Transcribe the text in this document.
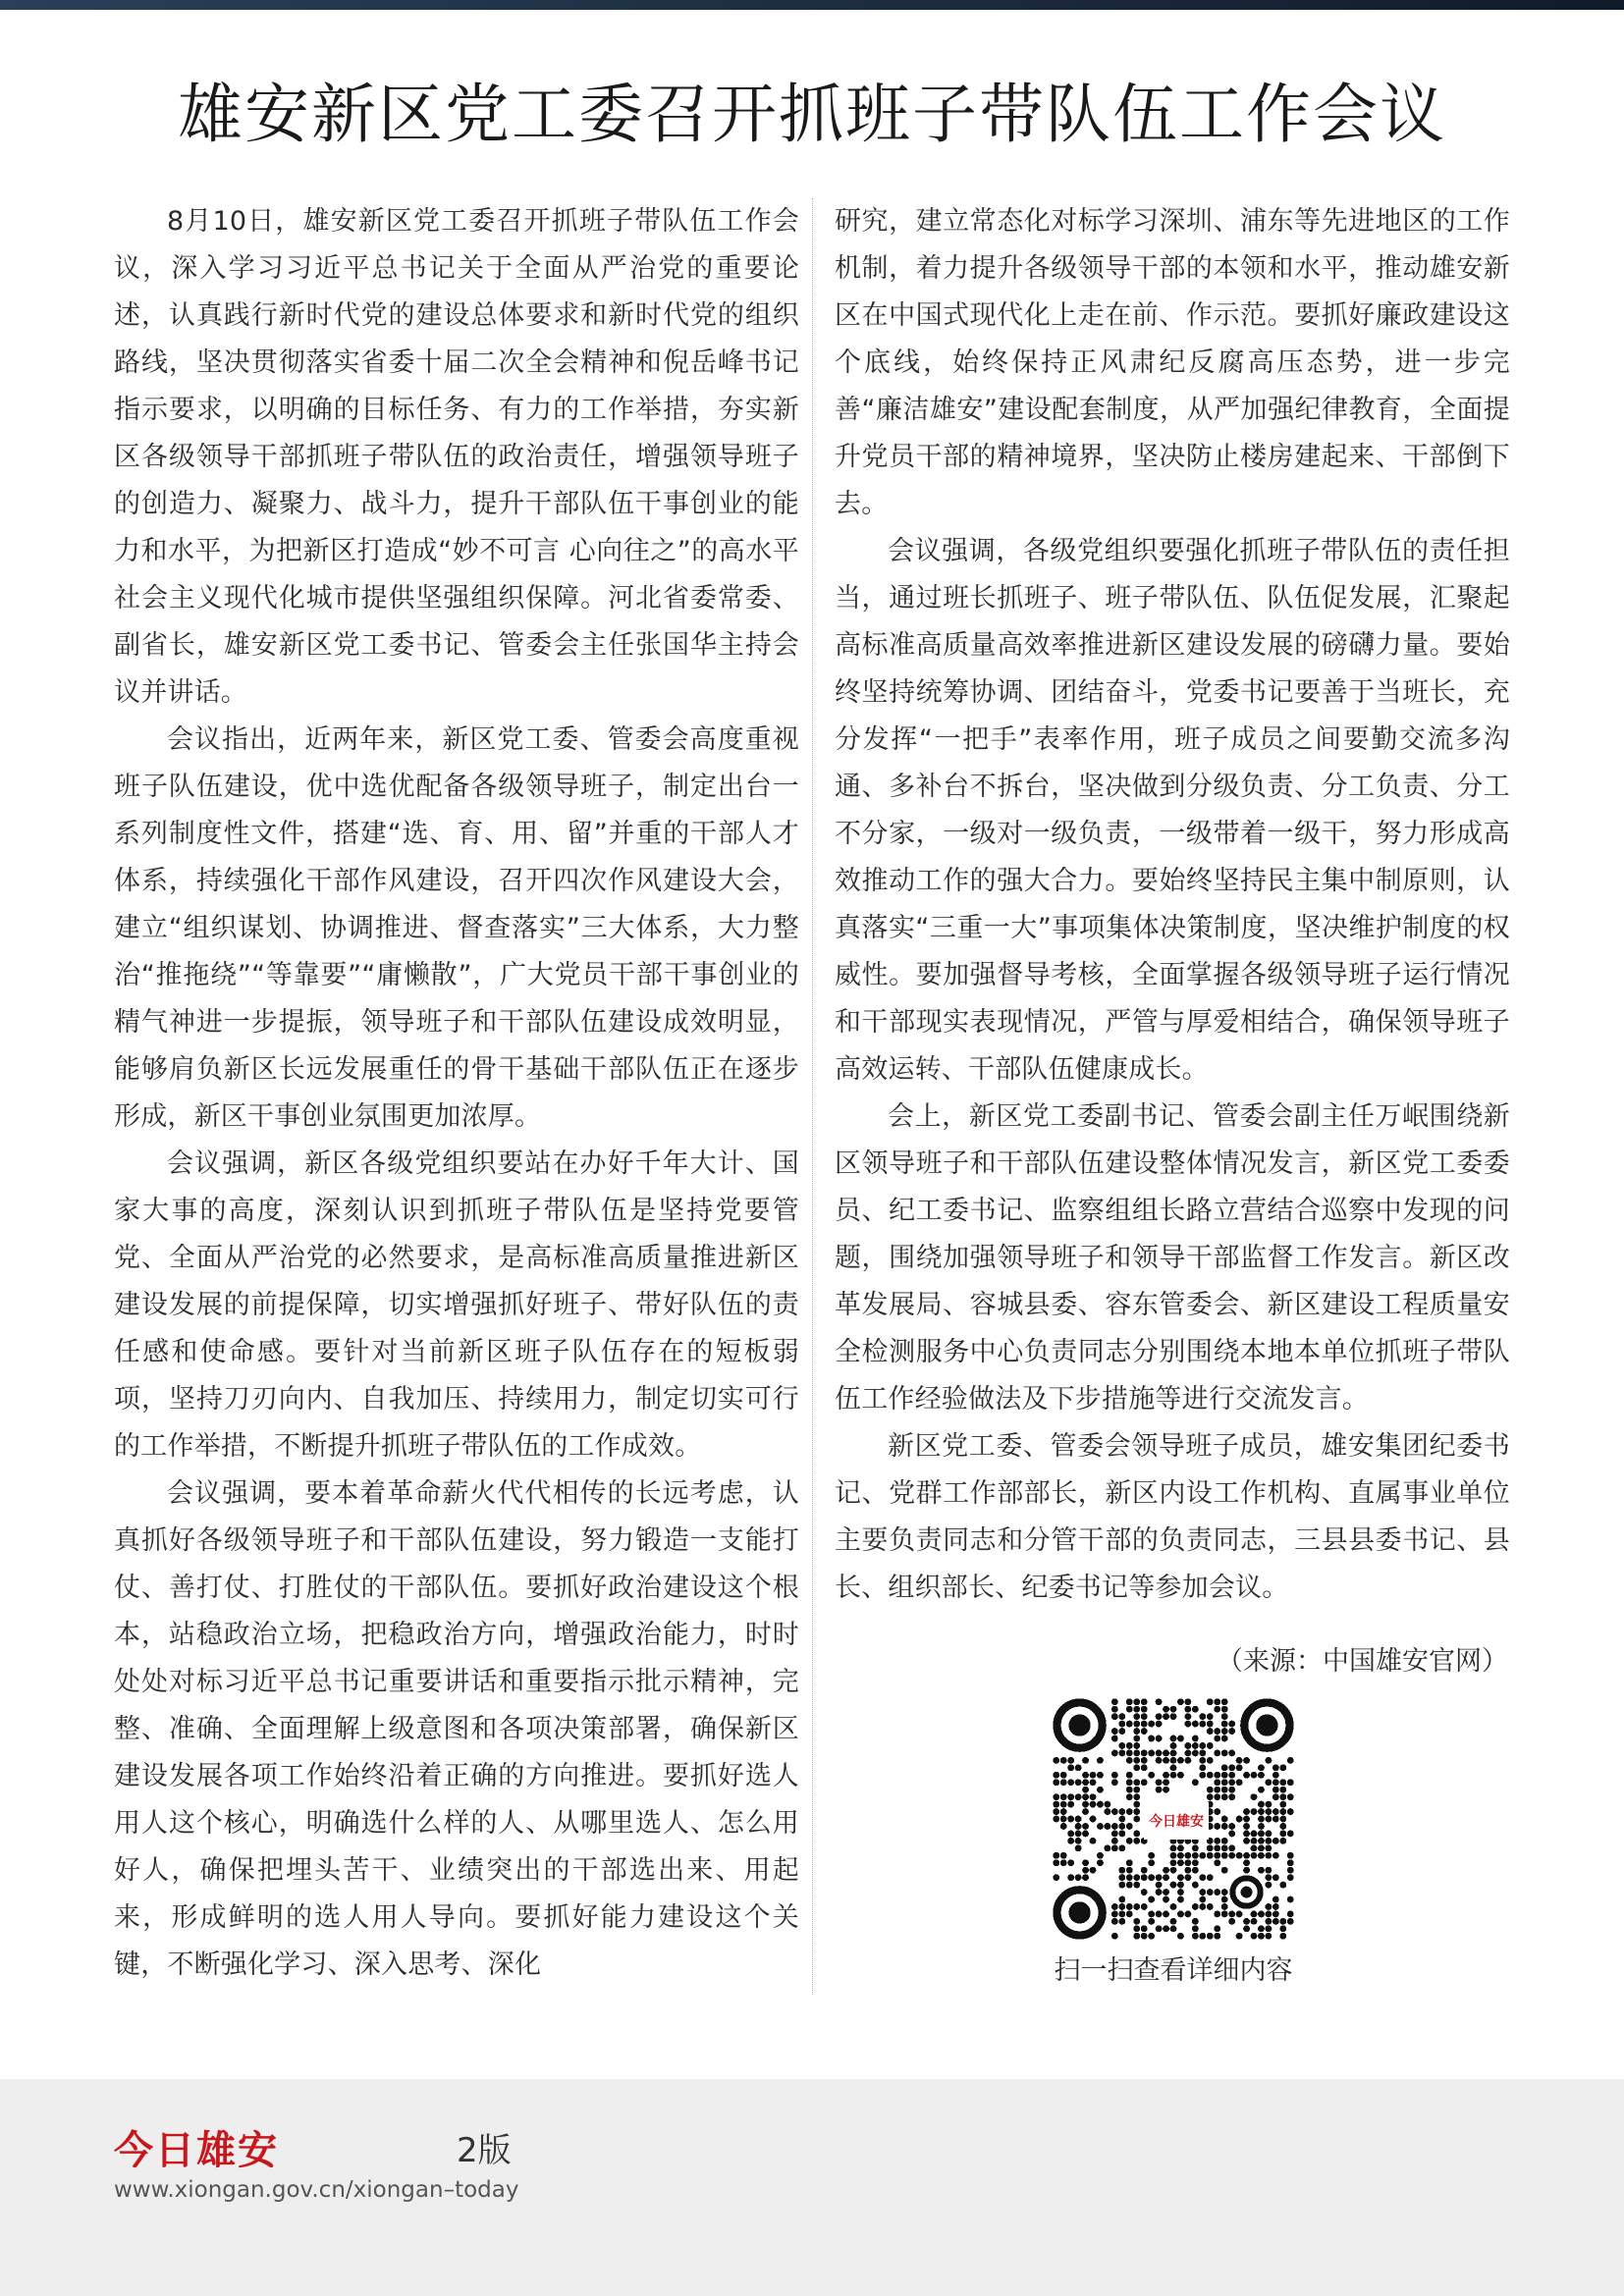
雄安新区党工委召开抓班子带队伍工作会议

8月10日，雄安新区党工委召开抓班子带队伍工作会议，深入学习习近平总书记关于全面从严治党的重要论述，认真践行新时代党的建设总体要求和新时代党的组织路线，坚决贯彻落实省委十届二次全会精神和倪岳峰书记指示要求，以明确的目标任务、有力的工作举措，夯实新区各级领导干部抓班子带队伍的政治责任，增强领导班子的创造力、凝聚力、战斗力，提升干部队伍干事创业的能力和水平，为把新区打造成“妙不可言 心向往之”的高水平社会主义现代化城市提供坚强组织保障。河北省委常委、副省长，雄安新区党工委书记、管委会主任张国华主持会议并讲话。

会议指出，近两年来，新区党工委、管委会高度重视班子队伍建设，优中选优配备各级领导班子，制定出台一系列制度性文件，搭建“选、育、用、留”并重的干部人才体系，持续强化干部作风建设，召开四次作风建设大会，建立“组织谋划、协调推进、督查落实”三大体系，大力整治“推拖绕”“等靠要”“庸懒散”，广大党员干部干事创业的精气神进一步提振，领导班子和干部队伍建设成效明显，能够肩负新区长远发展重任的骨干基础干部队伍正在逐步形成，新区干事创业氛围更加浓厚。

会议强调，新区各级党组织要站在办好千年大计、国家大事的高度，深刻认识到抓班子带队伍是坚持党要管党、全面从严治党的必然要求，是高标准高质量推进新区建设发展的前提保障，切实增强抓好班子、带好队伍的责任感和使命感。要针对当前新区班子队伍存在的短板弱项，坚持刀刃向内、自我加压、持续用力，制定切实可行的工作举措，不断提升抓班子带队伍的工作成效。

会议强调，要本着革命薪火代代相传的长远考虑，认真抓好各级领导班子和干部队伍建设，努力锻造一支能打仗、善打仗、打胜仗的干部队伍。要抓好政治建设这个根本，站稳政治立场，把稳政治方向，增强政治能力，时时处处对标习近平总书记重要讲话和重要指示批示精神，完整、准确、全面理解上级意图和各项决策部署，确保新区建设发展各项工作始终沿着正确的方向推进。要抓好选人用人这个核心，明确选什么样的人、从哪里选人、怎么用好人，确保把埋头苦干、业绩突出的干部选出来、用起来，形成鲜明的选人用人导向。要抓好能力建设这个关键，不断强化学习、深入思考、深化

研究，建立常态化对标学习深圳、浦东等先进地区的工作机制，着力提升各级领导干部的本领和水平，推动雄安新区在中国式现代化上走在前、作示范。要抓好廉政建设这个底线，始终保持正风肃纪反腐高压态势，进一步完善“廉洁雄安”建设配套制度，从严加强纪律教育，全面提升党员干部的精神境界，坚决防止楼房建起来、干部倒下去。

会议强调，各级党组织要强化抓班子带队伍的责任担当，通过班长抓班子、班子带队伍、队伍促发展，汇聚起高标准高质量高效率推进新区建设发展的磅礴力量。要始终坚持统筹协调、团结奋斗，党委书记要善于当班长，充分发挥“一把手”表率作用，班子成员之间要勤交流多沟通、多补台不拆台，坚决做到分级负责、分工负责、分工不分家，一级对一级负责，一级带着一级干，努力形成高效推动工作的强大合力。要始终坚持民主集中制原则，认真落实“三重一大”事项集体决策制度，坚决维护制度的权威性。要加强督导考核，全面掌握各级领导班子运行情况和干部现实表现情况，严管与厚爱相结合，确保领导班子高效运转、干部队伍健康成长。

会上，新区党工委副书记、管委会副主任万岷围绕新区领导班子和干部队伍建设整体情况发言，新区党工委委员、纪工委书记、监察组组长路立营结合巡察中发现的问题，围绕加强领导班子和领导干部监督工作发言。新区改革发展局、容城县委、容东管委会、新区建设工程质量安全检测服务中心负责同志分别围绕本地本单位抓班子带队伍工作经验做法及下步措施等进行交流发言。

新区党工委、管委会领导班子成员，雄安集团纪委书记、党群工作部部长，新区内设工作机构、直属事业单位主要负责同志和分管干部的负责同志，三县县委书记、县长、组织部长、纪委书记等参加会议。

（来源：中国雄安官网）
今日雄安
扫一扫查看详细内容
今日雄安	2版
www.xiongan.gov.cn/xiongan–today
